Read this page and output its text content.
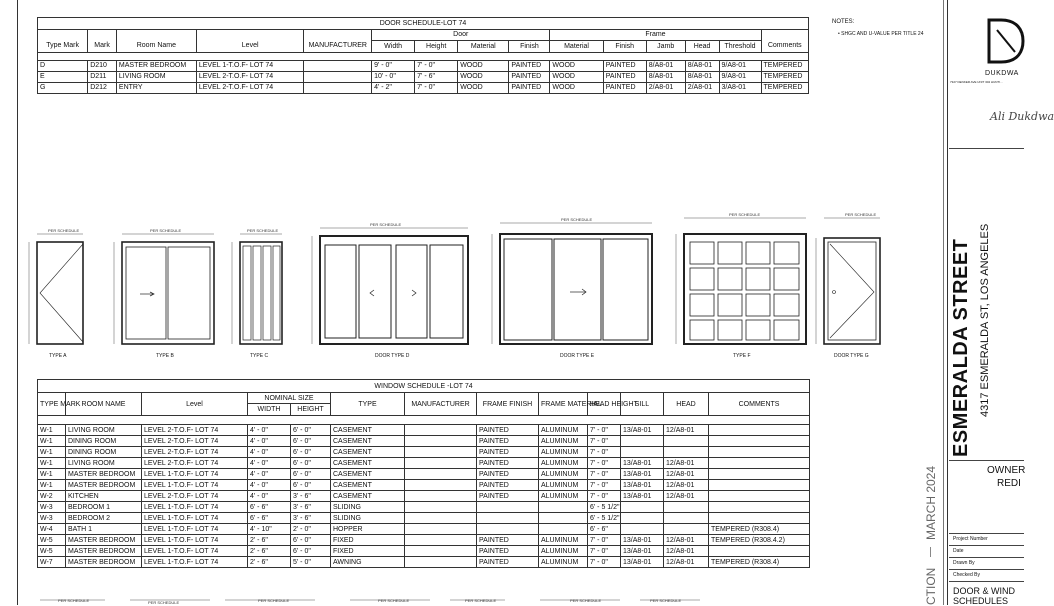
DOOR SCHEDULE-LOT 74														
					Door				Frame					
Type Mark	Mark	Room Name	Level	MANUFACTURER	Width	Height	Material	Finish	Material	Finish	Jamb	Head	Threshold	Comments

D	D210	MASTER BEDROOM	LEVEL 1-T.O.F- LOT 74		9' - 0"	7' - 0"	WOOD	PAINTED	WOOD	PAINTED	8/A8-01	8/A8-01	9/A8-01	TEMPERED
E	D211	LIVING ROOM	LEVEL 2-T.O.F- LOT 74		10' - 0"	7' - 6"	WOOD	PAINTED	WOOD	PAINTED	8/A8-01	8/A8-01	9/A8-01	TEMPERED
G	D212	ENTRY	LEVEL 2-T.O.F- LOT 74		4' - 2"	7' - 0"	WOOD	PAINTED	WOOD	PAINTED	2/A8-01	2/A8-01	3/A8-01	TEMPERED
NOTES:
• SHGC AND U-VALUE PER TITLE 24
PER SCHEDULE	PER SCHEDULE	PER SCHEDULE
PER SCHEDULE
PER SCHEDULE
PER SCHEDULE	PER SCHEDULE
TYPE A	TYPE B	TYPE C	DOOR TYPE D	DOOR TYPE E	TYPE F	DOOR TYPE G
WINDOW SCHEDULE -LOT 74												
TYPE MARK	ROOM NAME	Level	NOMINAL SIZE		TYPE	MANUFACTURER	FRAME FINISH	FRAME MATERIAL	HEAD HEIGHT	SILL	HEAD	COMMENTS
			WIDTH	HEIGHT								

W-1	LIVING ROOM	LEVEL 2-T.O.F- LOT 74	4' - 0"	6' - 0"	CASEMENT		PAINTED	ALUMINUM	7' - 0"	13/A8-01	12/A8-01	
W-1	DINING ROOM	LEVEL 2-T.O.F- LOT 74	4' - 0"	6' - 0"	CASEMENT		PAINTED	ALUMINUM	7' - 0"			
W-1	DINING ROOM	LEVEL 2-T.O.F- LOT 74	4' - 0"	6' - 0"	CASEMENT		PAINTED	ALUMINUM	7' - 0"			
W-1	LIVING ROOM	LEVEL 2-T.O.F- LOT 74	4' - 0"	6' - 0"	CASEMENT		PAINTED	ALUMINUM	7' - 0"	13/A8-01	12/A8-01	
W-1	MASTER BEDROOM	LEVEL 1-T.O.F- LOT 74	4' - 0"	6' - 0"	CASEMENT		PAINTED	ALUMINUM	7' - 0"	13/A8-01	12/A8-01	
W-1	MASTER BEDROOM	LEVEL 1-T.O.F- LOT 74	4' - 0"	6' - 0"	CASEMENT		PAINTED	ALUMINUM	7' - 0"	13/A8-01	12/A8-01	
W-2	KITCHEN	LEVEL 2-T.O.F- LOT 74	4' - 0"	3' - 6"	CASEMENT		PAINTED	ALUMINUM	7' - 0"	13/A8-01	12/A8-01	
W-3	BEDROOM 1	LEVEL 1-T.O.F- LOT 74	6' - 6"	3' - 6"	SLIDING				6' - 5 1/2"			
W-3	BEDROOM 2	LEVEL 1-T.O.F- LOT 74	6' - 6"	3' - 6"	SLIDING				6' - 5 1/2"			
W-4	BATH 1	LEVEL 1-T.O.F- LOT 74	4' - 10"	2' - 0"	HOPPER				6' - 6"			TEMPERED (R308.4)
W-5	MASTER BEDROOM	LEVEL 1-T.O.F- LOT 74	2' - 6"	6' - 0"	FIXED		PAINTED	ALUMINUM	7' - 0"	13/A8-01	12/A8-01	TEMPERED (R308.4.2)
W-5	MASTER BEDROOM	LEVEL 1-T.O.F- LOT 74	2' - 6"	6' - 0"	FIXED		PAINTED	ALUMINUM	7' - 0"	13/A8-01	12/A8-01	
W-7	MASTER BEDROOM	LEVEL 1-T.O.F- LOT 74	2' - 6"	5' - 0"	AWNING		PAINTED	ALUMINUM	7' - 0"	13/A8-01	12/A8-01	TEMPERED (R308.4)
PER SCHEDULE	PER SCHEDULE	PER SCHEDULE	PER SCHEDULE	PER SCHEDULE	PER SCHEDULE	PER SCHEDULE
DUKDWA
7327 DENKER AVE UNIT 304 HUNTI...
Ali Dukdwa
ESMERALDA STREET 4317 ESMERALDA ST, LOS ANGELES
OWNER
REDI
Project Number
Date
Drawn By
Checked By
DOOR & WIND
SCHEDULES
MARCH 2024
CTION
